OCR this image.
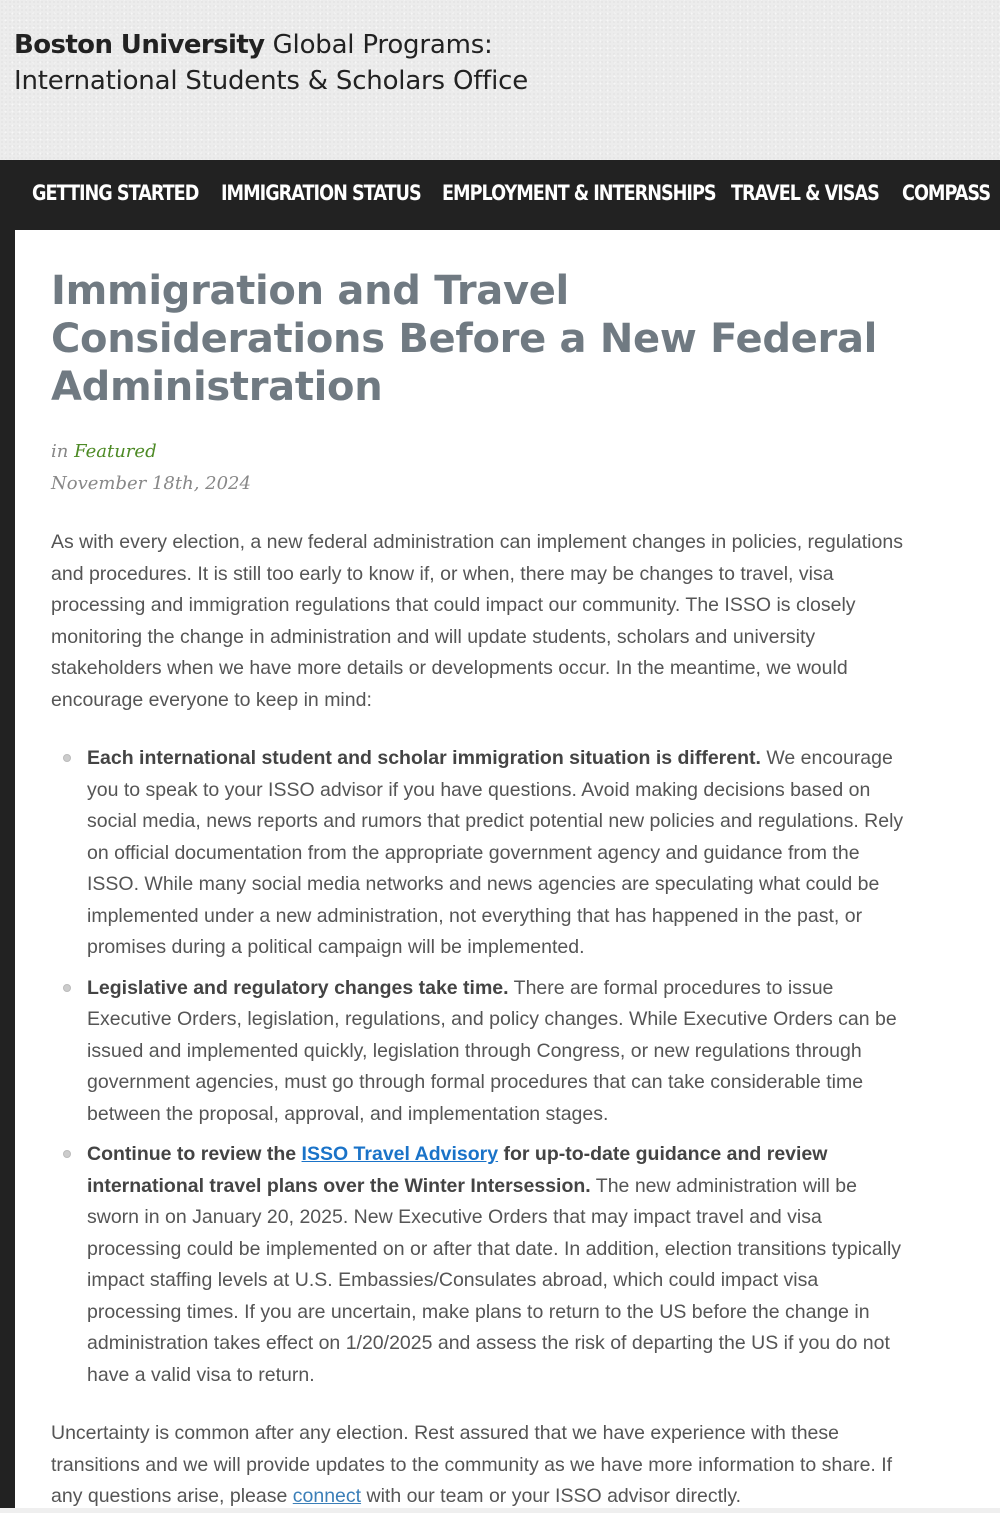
Boston University Global Programs:
International Students & Scholars Office
GETTING STARTED IMMIGRATION STATUS EMPLOYMENT & INTERNSHIPS TRAVEL & VISAS COMPASS
Immigration and Travel Considerations Before a New Federal Administration
in Featured
November 18th, 2024

As with every election, a new federal administration can implement changes in policies, regulations and procedures. It is still too early to know if, or when, there may be changes to travel, visa processing and immigration regulations that could impact our community. The ISSO is closely monitoring the change in administration and will update students, scholars and university stakeholders when we have more details or developments occur. In the meantime, we would encourage everyone to keep in mind:

Each international student and scholar immigration situation is different. We encourage you to speak to your ISSO advisor if you have questions. Avoid making decisions based on social media, news reports and rumors that predict potential new policies and regulations. Rely on official documentation from the appropriate government agency and guidance from the ISSO. While many social media networks and news agencies are speculating what could be implemented under a new administration, not everything that has happened in the past, or promises during a political campaign will be implemented.
Legislative and regulatory changes take time. There are formal procedures to issue Executive Orders, legislation, regulations, and policy changes. While Executive Orders can be issued and implemented quickly, legislation through Congress, or new regulations through government agencies, must go through formal procedures that can take considerable time between the proposal, approval, and implementation stages.
Continue to review the ISSO Travel Advisory for up-to-date guidance and review international travel plans over the Winter Intersession. The new administration will be sworn in on January 20, 2025. New Executive Orders that may impact travel and visa processing could be implemented on or after that date. In addition, election transitions typically impact staffing levels at U.S. Embassies/Consulates abroad, which could impact visa processing times. If you are uncertain, make plans to return to the US before the change in administration takes effect on 1/20/2025 and assess the risk of departing the US if you do not have a valid visa to return.

Uncertainty is common after any election. Rest assured that we have experience with these transitions and we will provide updates to the community as we have more information to share. If any questions arise, please connect with our team or your ISSO advisor directly.
